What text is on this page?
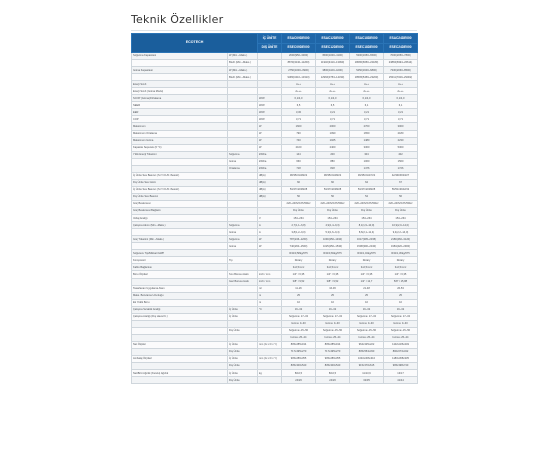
Teknik Özellikler
ECOTECH		İÇ ÜNİTE	ESAC09DE000	ESAC12DE000	ESAC18DE000	ESAC24DE000
		DIŞ ÜNİTE	ESEC09DE000	ESEC12DE000	ESEC18DE000	ESEC24DE000
Soğutma Kapasitesi	W (Min.~Maks.)		2600(950~3300)	3500(1000~4100)	5300(1950~6500)	7000(2050~7800)
	Btu/h (Min.~Maks.)		8870(3240~11260)	11940(3410~13990)	18080(6650~22180)	23884(6994~26614)
Isıtma Kapasitesi	W (Min.~Maks.)		2750(1000~3900)	3800(1100~4200)	5450(1600~6800)	7330(2060~8500)
	Btu/h (Min.~Maks.)		9383(3410~13310)	12966(3753~14330)	18595(5459~23200)	25011(7029~29002)
Enerji Sınıfı			A++	A++	A++	A++
Enerji Sınıfı (Isıtma Modu)			A+++	A+++	A+++	A+++
SCOP (Isıtma)/Ortalama		W/W	6,1/4,0	6,1/4,0	6,1/4,0	6,1/4,0
SEER		W/W	6,5	6,5	6,1	6,1
EER		W/W	3,30	3,21	3,21	3,21
COP		W/W	3,71	3,71	3,71	3,71
Maksimum		W	1600	2000	2700	3000
Maksimum Ortalama		W	790	1090	1650	2180
Maksimum Isıtma		W	740	1025	1480	2230
Kapasite Seçenek (0 °C)		W	2100	2400	3300	5300
Yıllık Enerji Tüketimi	Soğutma	kWh/a	144	200	304	402
	Isıtma	kWh/a	660	880	1060	1560
	Ortalama	kWh/a	718	818	1476	1726
İç Ünite Ses Basıncı (S./Y./O./D./Sessiz)		dB(A)	38/35/31/28/22	38/35/31/28/22	39/35/31/27/22	42/39/36/33/27
Dış Ünite Ses Gücü		dB(A)	60	60	64	67
İç Ünite Ses Basıncı (S./Y./O./D./Sessiz)		dB(A)	53/47/42/38/28	53/47/42/38/28	53/47/42/38/28	56/51/46/42/32
Dış Ünite Ses Basıncı		dB(A)	50	50	54	56
Güç Beslemesi			220~240V/1Ph/50Hz	220~240V/1Ph/50Hz	220~240V/1Ph/50Hz	220~240V/1Ph/50Hz
Güç Beslemesi Bağlantı			Dış Ünite	Dış Ünite	Dış Ünite	Dış Ünite
Voltaj Aralığı		V	154~264	154~264	154~264	154~264
Çalışma Akımı (Min.~Maks.)	Soğutma	A	2,7(1,1~6,8)	4,9(1,4~9,3)	8,1(1,9~10,9)	10,9(2,0~14,0)
	Isıtma	A	3,8(1,2~9,0)	5,3(1,6~9,4)	8,6(2,1~11,4)	9,4(2,2~14,0)
Güç Tüketimi (Min.~Maks.)	Soğutma	W	787(246~1260)	1090(250~1490)	1617(395~2335)	2180(460~3120)
	Isıtma	W	740(260~1560)	1025(250~1530)	1508(390~2340)	1984(420~2900)
Soğutucu Tipi/Miktarı/GWP			R32/0,58kg/675	R32/0,69kg/675	R32/1,04kg/675	R32/1,36kg/675
Kompresör	Tip		Rotary	Rotary	Rotary	Rotary
Kablo Bağlantısı			3x2,5mm²	3x2,5mm²	3x2,5mm²	3x2,5mm²
Boru Ölçüleri	Sıvı Borusu Hattı	inch / mm	1/4" / 6,35	1/4" / 6,35	1/4" / 6,35	1/4" / 6,35
	Gaz Borusu Hattı	inch / mm	3/8" / 9,52	3/8" / 9,52	1/2" / 12,7	5/8" / 15,88
Tasarlanan Uygulama Alanı		m²	11-26	16-36	21-48	26-53
Maks. Borulama Uzunluğu		m	25	25	25	25
Ek Yüklü Boru		m	10	10	10	10
Çalışma Sıcaklık Aralığı	İç Ünite	°C	16~32	16~32	16~32	16~32
Çalışma Aralığı (Dış Hava Kt.)	İç Ünite		Soğutma: 17~32	Soğutma: 17~32	Soğutma: 17~32	Soğutma: 17~32
			Isıtma: 0~30	Isıtma: 0~30	Isıtma: 0~30	Isıtma: 0~30
	Dış Ünite		Soğutma:-15~50	Soğutma:-15~50	Soğutma:-15~50	Soğutma:-15~50
			Isıtma:-25~24	Isıtma:-25~24	Isıtma:-25~24	Isıtma:-25~24
Net Ölçüler	İç Ünite	mm (G x D x Y)	805x285x194	805x285x194	964x325x222	1102x326x249
	Dış Ünite		717x495x270	717x495x270	805x554x330	890x673x342
Ambalaj Ölçüleri	İç Ünite	mm (G x D x Y)	905x286x355	905x286x355	1040x306x310	1180x368x335
	Dış Ünite		835x300x540	835x300x540	915x370x615	995x398x740
Net/Brüt Ağırlık (Kutulu) Ağırlık	İç Ünite	kg	8/10,5	8/10,5	11/13,9	13/17
	Dış Ünite		24/26	24/26	32/35	41/44
